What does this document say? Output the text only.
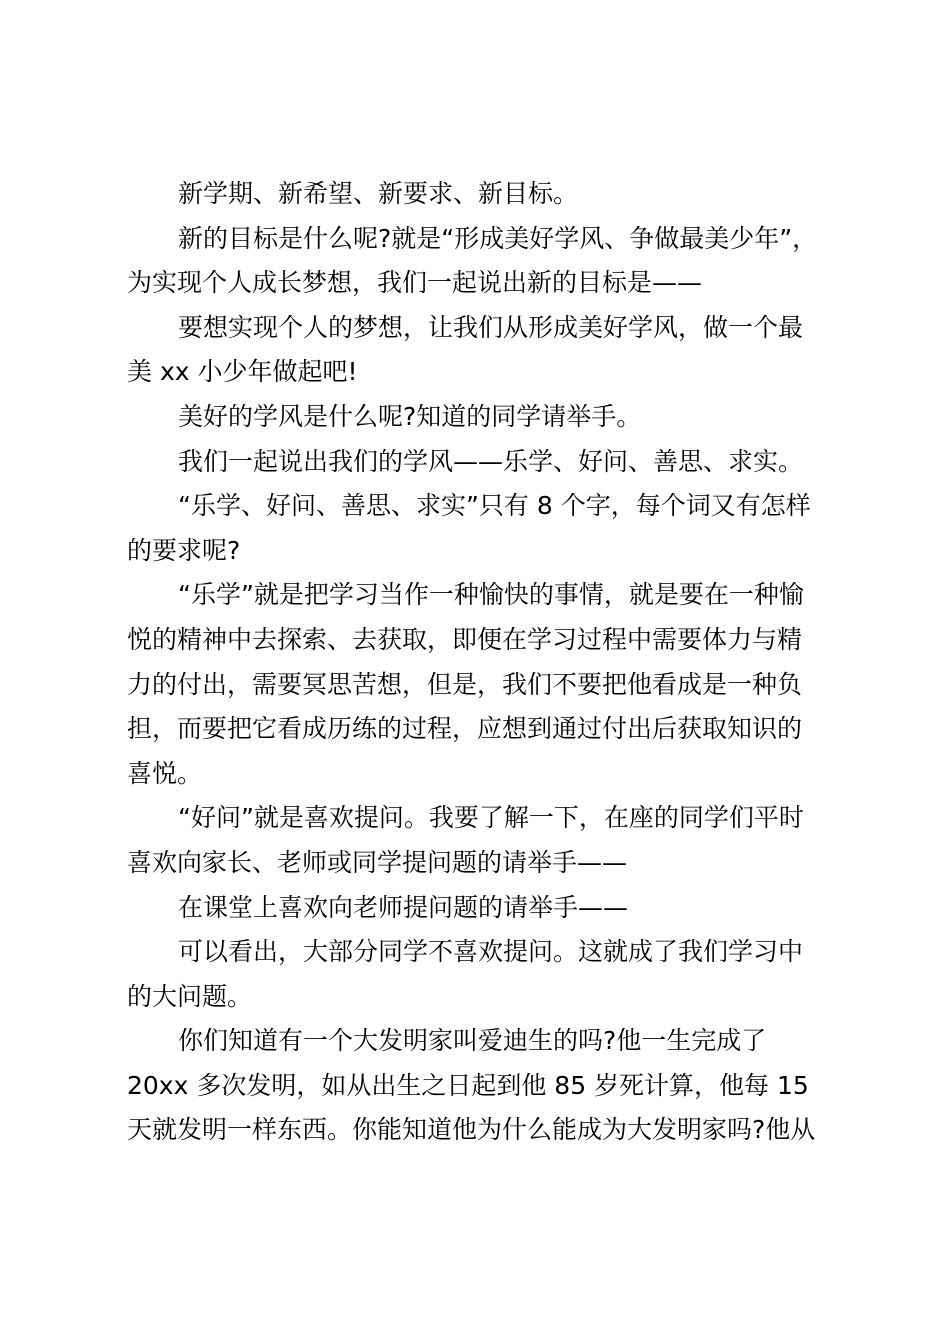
新学期、新希望、新要求、新目标。
新的目标是什么呢?就是“形成美好学风、争做最美少年”，
为实现个人成长梦想，我们一起说出新的目标是——
要想实现个人的梦想，让我们从形成美好学风，做一个最
美 xx 小少年做起吧!
美好的学风是什么呢?知道的同学请举手。
我们一起说出我们的学风——乐学、好问、善思、求实。
“乐学、好问、善思、求实”只有 8 个字，每个词又有怎样
的要求呢?
“乐学”就是把学习当作一种愉快的事情，就是要在一种愉
悦的精神中去探索、去获取，即便在学习过程中需要体力与精
力的付出，需要冥思苦想，但是，我们不要把他看成是一种负
担，而要把它看成历练的过程，应想到通过付出后获取知识的
喜悦。
“好问”就是喜欢提问。我要了解一下，在座的同学们平时
喜欢向家长、老师或同学提问题的请举手——
在课堂上喜欢向老师提问题的请举手——
可以看出，大部分同学不喜欢提问。这就成了我们学习中
的大问题。
你们知道有一个大发明家叫爱迪生的吗?他一生完成了
20xx 多次发明，如从出生之日起到他 85 岁死计算，他每 15
天就发明一样东西。你能知道他为什么能成为大发明家吗?他从
